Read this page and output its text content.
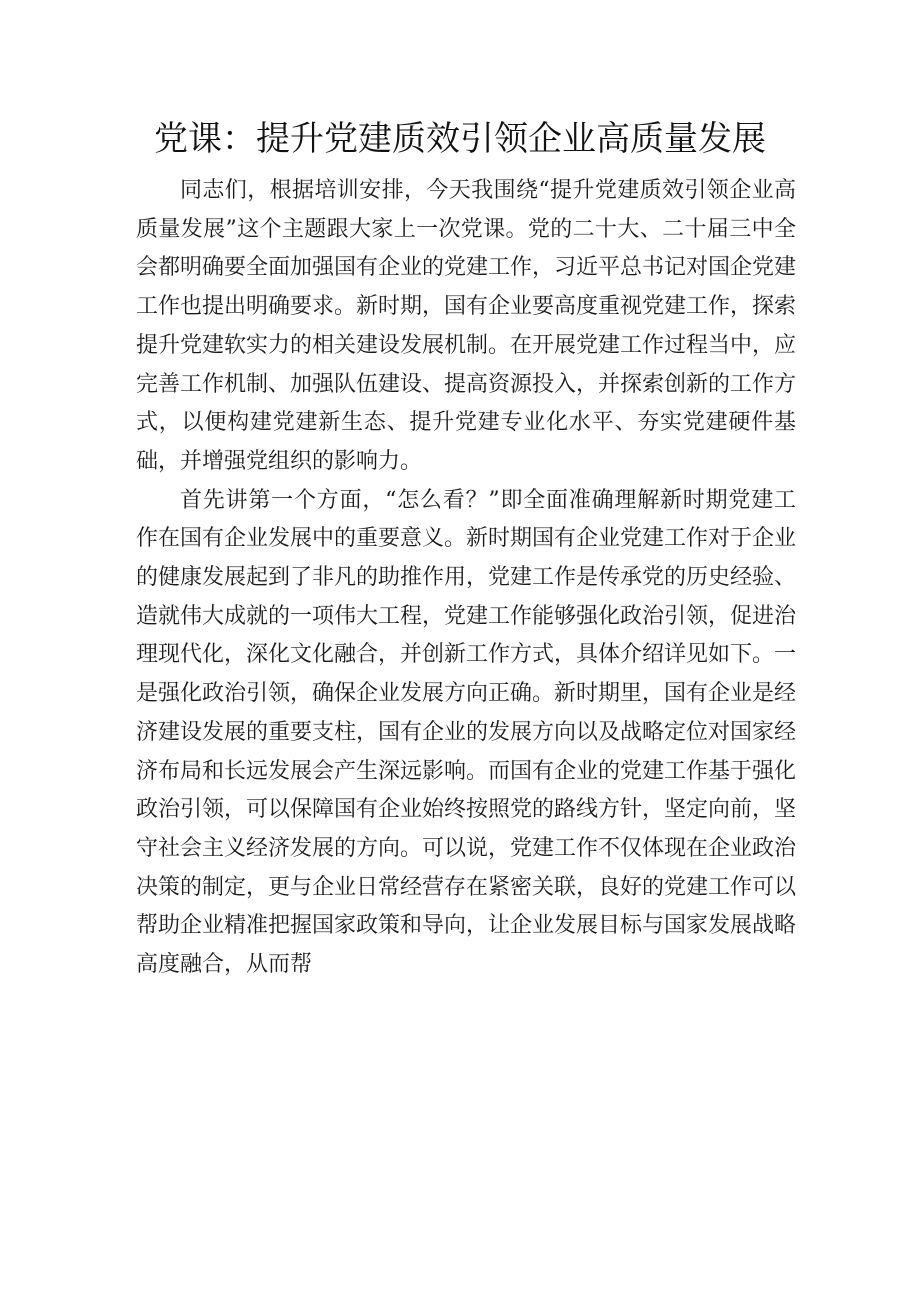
党课：提升党建质效引领企业高质量发展

同志们，根据培训安排，今天我围绕“提升党建质效引领企业高质量发展”这个主题跟大家上一次党课。党的二十大、二十届三中全会都明确要全面加强国有企业的党建工作，习近平总书记对国企党建工作也提出明确要求。新时期，国有企业要高度重视党建工作，探索提升党建软实力的相关建设发展机制。在开展党建工作过程当中，应完善工作机制、加强队伍建设、提高资源投入，并探索创新的工作方式，以便构建党建新生态、提升党建专业化水平、夯实党建硬件基础，并增强党组织的影响力。

首先讲第一个方面，“怎么看？”即全面准确理解新时期党建工作在国有企业发展中的重要意义。新时期国有企业党建工作对于企业的健康发展起到了非凡的助推作用，党建工作是传承党的历史经验、造就伟大成就的一项伟大工程，党建工作能够强化政治引领，促进治理现代化，深化文化融合，并创新工作方式，具体介绍详见如下。一是强化政治引领，确保企业发展方向正确。新时期里，国有企业是经济建设发展的重要支柱，国有企业的发展方向以及战略定位对国家经济布局和长远发展会产生深远影响。而国有企业的党建工作基于强化政治引领，可以保障国有企业始终按照党的路线方针，坚定向前，坚守社会主义经济发展的方向。可以说，党建工作不仅体现在企业政治决策的制定，更与企业日常经营存在紧密关联，良好的党建工作可以帮助企业精准把握国家政策和导向，让企业发展目标与国家发展战略高度融合，从而帮
